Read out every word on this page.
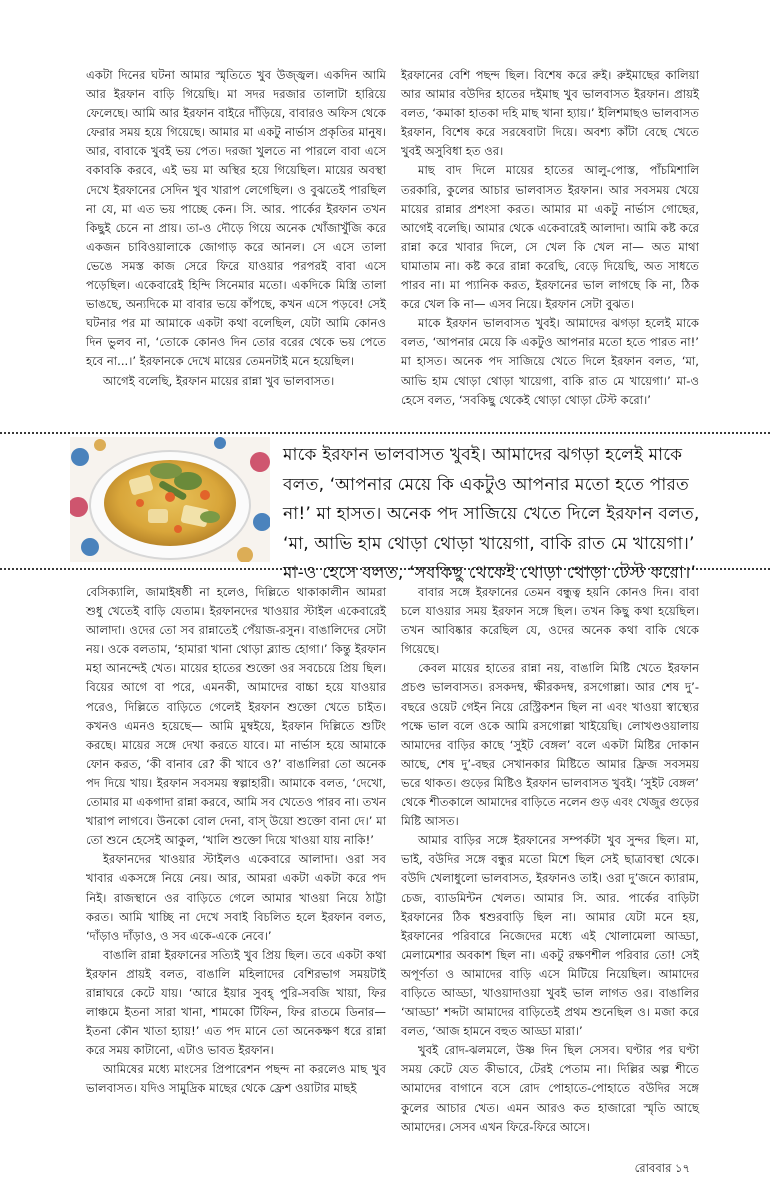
একটা দিনের ঘটনা আমার স্মৃতিতে খুব উজ্জ্বল। একদিন আমি আর ইরফান বাড়ি গিয়েছি। মা সদর দরজার তালাটা হারিয়ে ফেলেছে। আমি আর ইরফান বাইরে দাঁড়িয়ে, বাবারও অফিস থেকে ফেরার সময় হয়ে গিয়েছে। আমার মা একটু নার্ভাস প্রকৃতির মানুষ। আর, বাবাকে খুবই ভয় পেত। দরজা খুলতে না পারলে বাবা এসে বকাবকি করবে, এই ভয় মা অস্থির হয়ে গিয়েছিল। মায়ের অবস্থা দেখে ইরফানের সেদিন খুব খারাপ লেগেছিল। ও বুঝতেই পারছিল না যে, মা এত ভয় পাচ্ছে কেন। সি. আর. পার্কের ইরফান তখন কিছুই চেনে না প্রায়। তা-ও দৌড়ে গিয়ে অনেক খোঁজাখুঁজি করে একজন চাবিওয়ালাকে জোগাড় করে আনল। সে এসে তালা ভেঙে সমস্ত কাজ সেরে ফিরে যাওয়ার পরপরই বাবা এসে পড়েছিল। একেবারেই হিন্দি সিনেমার মতো। একদিকে মিস্ত্রি তালা ভাঙছে, অন্যদিকে মা বাবার ভয়ে কাঁপছে, কখন এসে পড়বে! সেই ঘটনার পর মা আমাকে একটা কথা বলেছিল, যেটা আমি কোনও দিন ভুলব না, ‘তোকে কোনও দিন তোর বরের থেকে ভয় পেতে হবে না...।’ ইরফানকে দেখে মায়ের তেমনটাই মনে হয়েছিল।

আগেই বলেছি, ইরফান মায়ের রান্না খুব ভালবাসত।

ইরফানের বেশি পছন্দ ছিল। বিশেষ করে রুই। রুইমাছের কালিয়া আর আমার বউদির হাতের দইমাছ খুব ভালবাসত ইরফান। প্রায়ই বলত, ‘কমাকা হাতকা দহি মাছ খানা হ্যায়।’ ইলিশমাছও ভালবাসত ইরফান, বিশেষ করে সরষেবাটা দিয়ে। অবশ্য কাঁটা বেছে খেতে খুবই অসুবিধা হত ওর।

মাছ বাদ দিলে মায়ের হাতের আলু-পোস্ত, পাঁচমিশালি তরকারি, কুলের আচার ভালবাসত ইরফান। আর সবসময় খেয়ে মায়ের রান্নার প্রশংসা করত। আমার মা একটু নার্ভাস গোছের, আগেই বলেছি। আমার থেকে একেবারেই আলাদা। আমি কষ্ট করে রান্না করে খাবার দিলে, সে খেল কি খেল না— অত মাথা ঘামাতাম না। কষ্ট করে রান্না করেছি, বেড়ে দিয়েছি, অত সাধতে পারব না। মা প্যানিক করত, ইরফানের ভাল লাগছে কি না, ঠিক করে খেল কি না— এসব নিয়ে। ইরফান সেটা বুঝত।

মাকে ইরফান ভালবাসত খুবই। আমাদের ঝগড়া হলেই মাকে বলত, ‘আপনার মেয়ে কি একটুও আপনার মতো হতে পারত না!’ মা হাসত। অনেক পদ সাজিয়ে খেতে দিলে ইরফান বলত, ‘মা, আভি হাম থোড়া থোড়া খায়েগা, বাকি রাত মে খায়েগা।’ মা-ও হেসে বলত, ‘সবকিছু থেকেই থোড়া থোড়া টেস্ট করো।’

মাকে ইরফান ভালবাসত খুবই। আমাদের ঝগড়া হলেই মাকে বলত, ‘আপনার মেয়ে কি একটুও আপনার মতো হতে পারত না!’ মা হাসত। অনেক পদ সাজিয়ে খেতে দিলে ইরফান বলত, ‘মা, আভি হাম থোড়া থোড়া খায়েগা, বাকি রাত মে খায়েগা।’ মা-ও হেসে বলত, ‘সবকিছু থেকেই থোড়া থোড়া টেস্ট করো।’

বেসিক্যালি, জামাইষষ্ঠী না হলেও, দিল্লিতে থাকাকালীন আমরা শুধু খেতেই বাড়ি যেতাম। ইরফানদের খাওয়ার স্টাইল একেবারেই আলাদা। ওদের তো সব রান্নাতেই পেঁয়াজ-রসুন। বাঙালিদের সেটা নয়। ওকে বলতাম, ‘হামারা খানা থোড়া ব্ল্যান্ড হোগা।’ কিন্তু ইরফান মহা আনন্দেই খেত। মায়ের হাতের শুক্তো ওর সবচেয়ে প্রিয় ছিল। বিয়ের আগে বা পরে, এমনকী, আমাদের বাচ্চা হয়ে যাওয়ার পরেও, দিল্লিতে বাড়িতে গেলেই ইরফান শুক্তো খেতে চাইত। কখনও এমনও হয়েছে— আমি মুম্বইয়ে, ইরফান দিল্লিতে শুটিং করছে। মায়ের সঙ্গে দেখা করতে যাবে। মা নার্ভাস হয়ে আমাকে ফোন করত, ‘কী বানাব রে? কী খাবে ও?’ বাঙালিরা তো অনেক পদ দিয়ে খায়। ইরফান সবসময় স্বল্পাহারী। আমাকে বলত, ‘দেখো, তোমার মা একগাদা রান্না করবে, আমি সব খেতেও পারব না। তখন খারাপ লাগবে। উনকো বোল দেনা, বাস্ উয়ো শুক্তো বানা দে।’ মা তো শুনে হেসেই আকুল, ‘খালি শুক্তো দিয়ে খাওয়া যায় নাকি!’

ইরফানদের খাওয়ার স্টাইলও একেবারে আলাদা। ওরা সব খাবার একসঙ্গে নিয়ে নেয়। আর, আমরা একটা একটা করে পদ নিই। রাজস্থানে ওর বাড়িতে গেলে আমার খাওয়া নিয়ে ঠাট্টা করত। আমি খাচ্ছি না দেখে সবাই বিচলিত হলে ইরফান বলত, ‘দাঁড়াও দাঁড়াও, ও সব একে-একে নেবে।’

বাঙালি রান্না ইরফানের সত্যিই খুব প্রিয় ছিল। তবে একটা কথা ইরফান প্রায়ই বলত, বাঙালি মহিলাদের বেশিরভাগ সময়টাই রান্নাঘরে কেটে যায়। ‘আরে ইয়ার সুবহ্ পুরি-সবজি খায়া, ফির লাঞ্চমে ইতনা সারা খানা, শামকো টিফিন, ফির রাতমে ডিনার— ইতনা কৌন খাতা হ্যায়!’ এত পদ মানে তো অনেকক্ষণ ধরে রান্না করে সময় কাটানো, এটাও ভাবত ইরফান।

আমিষের মধ্যে মাংসের প্রিপারেশন পছন্দ না করলেও মাছ খুব ভালবাসত। যদিও সামুদ্রিক মাছের থেকে ফ্রেশ ওয়াটার মাছই

বাবার সঙ্গে ইরফানের তেমন বন্ধুত্ব হয়নি কোনও দিন। বাবা চলে যাওয়ার সময় ইরফান সঙ্গে ছিল। তখন কিছু কথা হয়েছিল। তখন আবিষ্কার করেছিল যে, ওদের অনেক কথা বাকি থেকে গিয়েছে।

কেবল মায়ের হাতের রান্না নয়, বাঙালি মিষ্টি খেতে ইরফান প্রচণ্ড ভালবাসত। রসকদম্ব, ক্ষীরকদম্ব, রসগোল্লা। আর শেষ দু’-বছরে ওয়েট গেইন নিয়ে রেস্ট্রিকশন ছিল না এবং খাওয়া স্বাস্থ্যের পক্ষে ভাল বলে ওকে আমি রসগোল্লা খাইয়েছি। লোখণ্ডওয়ালায় আমাদের বাড়ির কাছে ‘সুইট বেঙ্গল’ বলে একটা মিষ্টির দোকান আছে, শেষ দু’-বছর সেখানকার মিষ্টিতে আমার ফ্রিজ সবসময় ভরে থাকত। গুড়ের মিষ্টিও ইরফান ভালবাসত খুবই। ‘সুইট বেঙ্গল’ থেকে শীতকালে আমাদের বাড়িতে নলেন গুড় এবং খেজুর গুড়ের মিষ্টি আসত।

আমার বাড়ির সঙ্গে ইরফানের সম্পর্কটা খুব সুন্দর ছিল। মা, ভাই, বউদির সঙ্গে বন্ধুর মতো মিশে ছিল সেই ছাত্রাবস্থা থেকে। বউদি খেলাধুলো ভালবাসত, ইরফানও তাই। ওরা দু’জনে ক্যারাম, চেজ, ব্যাডমিন্টন খেলত। আমার সি. আর. পার্কের বাড়িটা ইরফানের ঠিক শ্বশুরবাড়ি ছিল না। আমার যেটা মনে হয়, ইরফানের পরিবারে নিজেদের মধ্যে এই খোলামেলা আড্ডা, মেলামেশার অবকাশ ছিল না। একটু রক্ষণশীল পরিবার তো! সেই অপূর্ণতা ও আমাদের বাড়ি এসে মিটিয়ে নিয়েছিল। আমাদের বাড়িতে আড্ডা, খাওয়াদাওয়া খুবই ভাল লাগত ওর। বাঙালির ‘আড্ডা’ শব্দটা আমাদের বাড়িতেই প্রথম শুনেছিল ও। মজা করে বলত, ‘আজ হামনে বহুত আড্ডা মারা।’

খুবই রোদ-ঝলমলে, উষ্ণ দিন ছিল সেসব। ঘণ্টার পর ঘণ্টা সময় কেটে যেত কীভাবে, টেরই পেতাম না। দিল্লির অল্প শীতে আমাদের বাগানে বসে রোদ পোহাতে-পোহাতে বউদির সঙ্গে কুলের আচার খেত। এমন আরও কত হাজারো স্মৃতি আছে আমাদের। সেসব এখন ফিরে-ফিরে আসে।

রোববার ১৭
